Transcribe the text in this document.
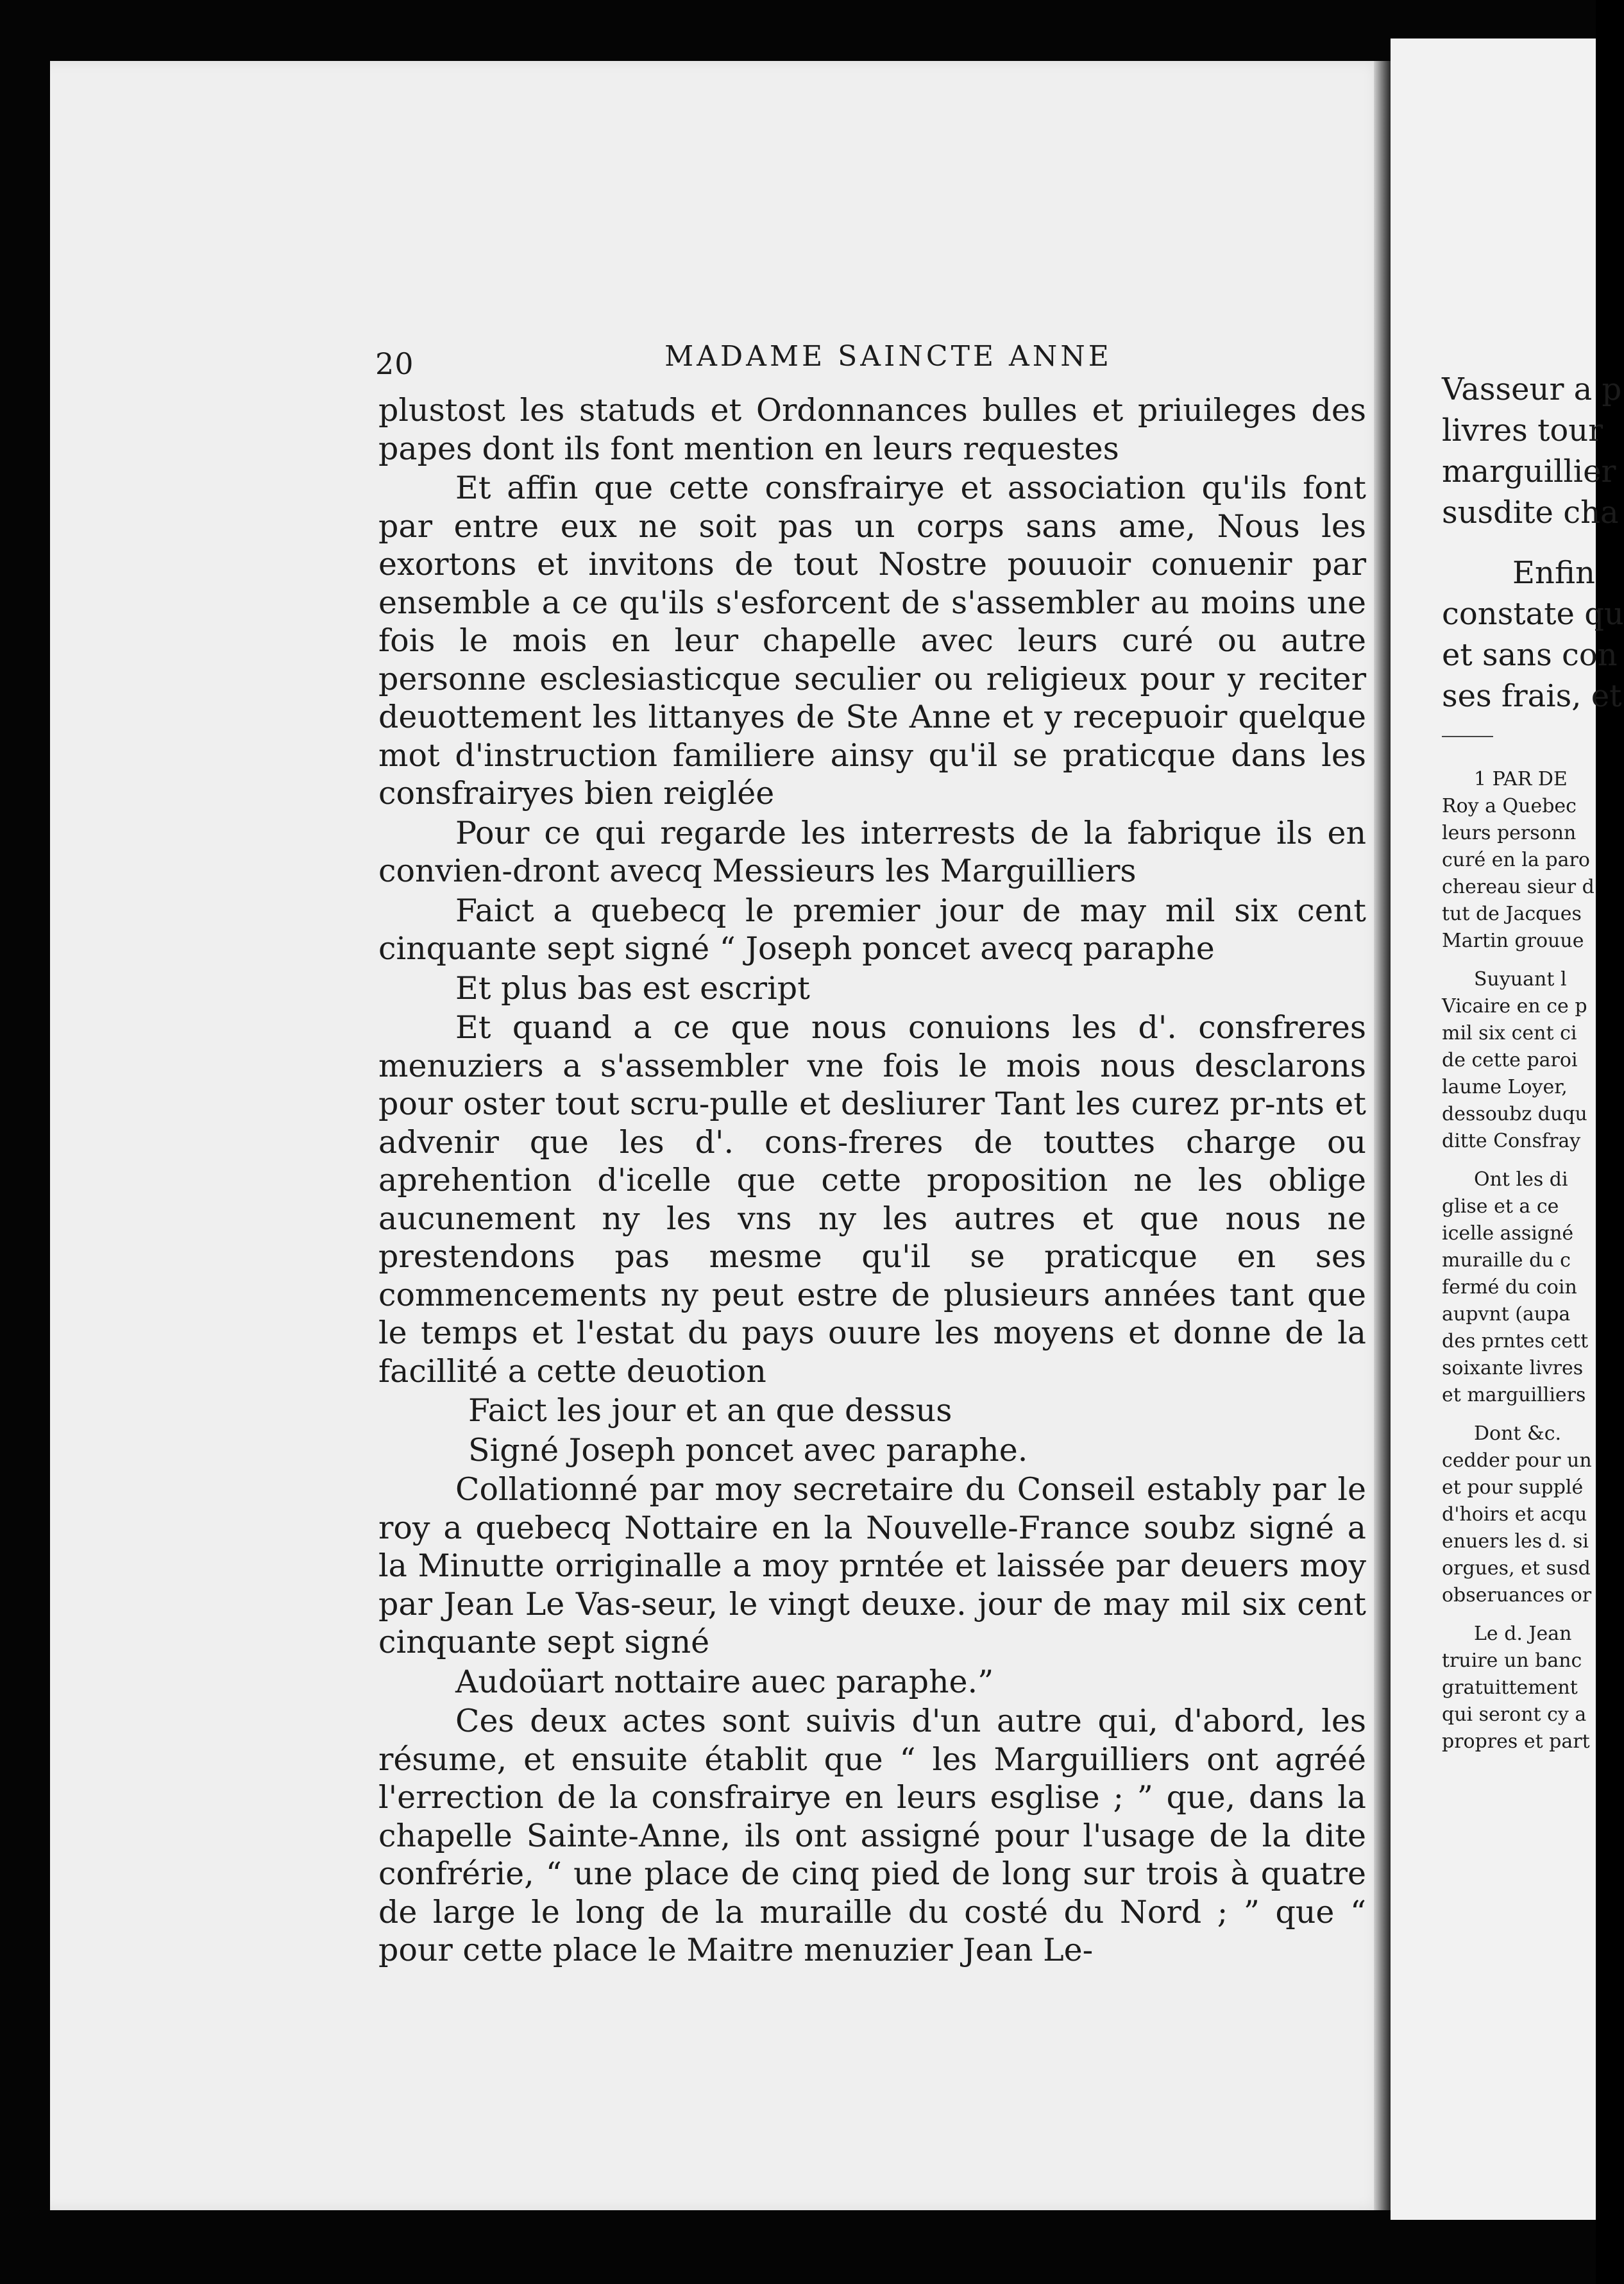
20	MADAME SAINCTE ANNE

plustost les statuds et Ordonnances bulles et priuileges des papes dont ils font mention en leurs requestes

Et affin que cette consfrairye et association qu'ils font par entre eux ne soit pas un corps sans ame, Nous les exortons et invitons de tout Nostre pouuoir conuenir par ensemble a ce qu'ils s'esforcent de s'assembler au moins une fois le mois en leur chapelle avec leurs curé ou autre personne esclesiasticque seculier ou religieux pour y reciter deuottement les littanyes de Ste Anne et y recepuoir quelque mot d'instruction familiere ainsy qu'il se praticque dans les consfrairyes bien reiglée

Pour ce qui regarde les interrests de la fabrique ils en convien-dront avecq Messieurs les Marguilliers

Faict a quebecq le premier jour de may mil six cent cinquante sept signé “ Joseph poncet avecq paraphe

Et plus bas est escript

Et quand a ce que nous conuions les d'. consfreres menuziers a s'assembler vne fois le mois nous desclarons pour oster tout scru-pulle et desliurer Tant les curez pr-nts et advenir que les d'. cons-freres de touttes charge ou aprehention d'icelle que cette proposition ne les oblige aucunement ny les vns ny les autres et que nous ne prestendons pas mesme qu'il se praticque en ses commencements ny peut estre de plusieurs années tant que le temps et l'estat du pays ouure les moyens et donne de la facillité a cette deuotion

Faict les jour et an que dessus

Signé Joseph poncet avec paraphe.

Collationné par moy secretaire du Conseil estably par le roy a quebecq Nottaire en la Nouvelle-France soubz signé a la Minutte orriginalle a moy prntée et laissée par deuers moy par Jean Le Vas-seur, le vingt deuxe. jour de may mil six cent cinquante sept signé

Audoüart nottaire auec paraphe.”

Ces deux actes sont suivis d'un autre qui, d'abord, les résume, et ensuite établit que “ les Marguilliers ont agréé l'errection de la consfrairye en leurs esglise ; ” que, dans la chapelle Sainte-Anne, ils ont assigné pour l'usage de la dite confrérie, “ une place de cinq pied de long sur trois à quatre de large le long de la muraille du costé du Nord ; ” que “ pour cette place le Maitre menuzier Jean Le-

Vasseur a p
livres tour
marguillier
susdite cha
Enfin
constate qu
et sans con
ses frais, et
1 PAR DE
Roy a Quebec
leurs personn
curé en la paro
chereau sieur d
tut de Jacques
Martin grouue
Suyuant l
Vicaire en ce p
mil six cent ci
de cette paroi
laume Loyer,
dessoubz duqu
ditte Consfray
Ont les di
glise et a ce
icelle assigné
muraille du c
fermé du coin
aupvnt (aupa
des prntes cett
soixante livres
et marguilliers
Dont &c.
cedder pour un
et pour supplé
d'hoirs et acqu
enuers les d. si
orgues, et susd
obseruances or
Le d. Jean
truire un banc
gratuittement
qui seront cy a
propres et part
